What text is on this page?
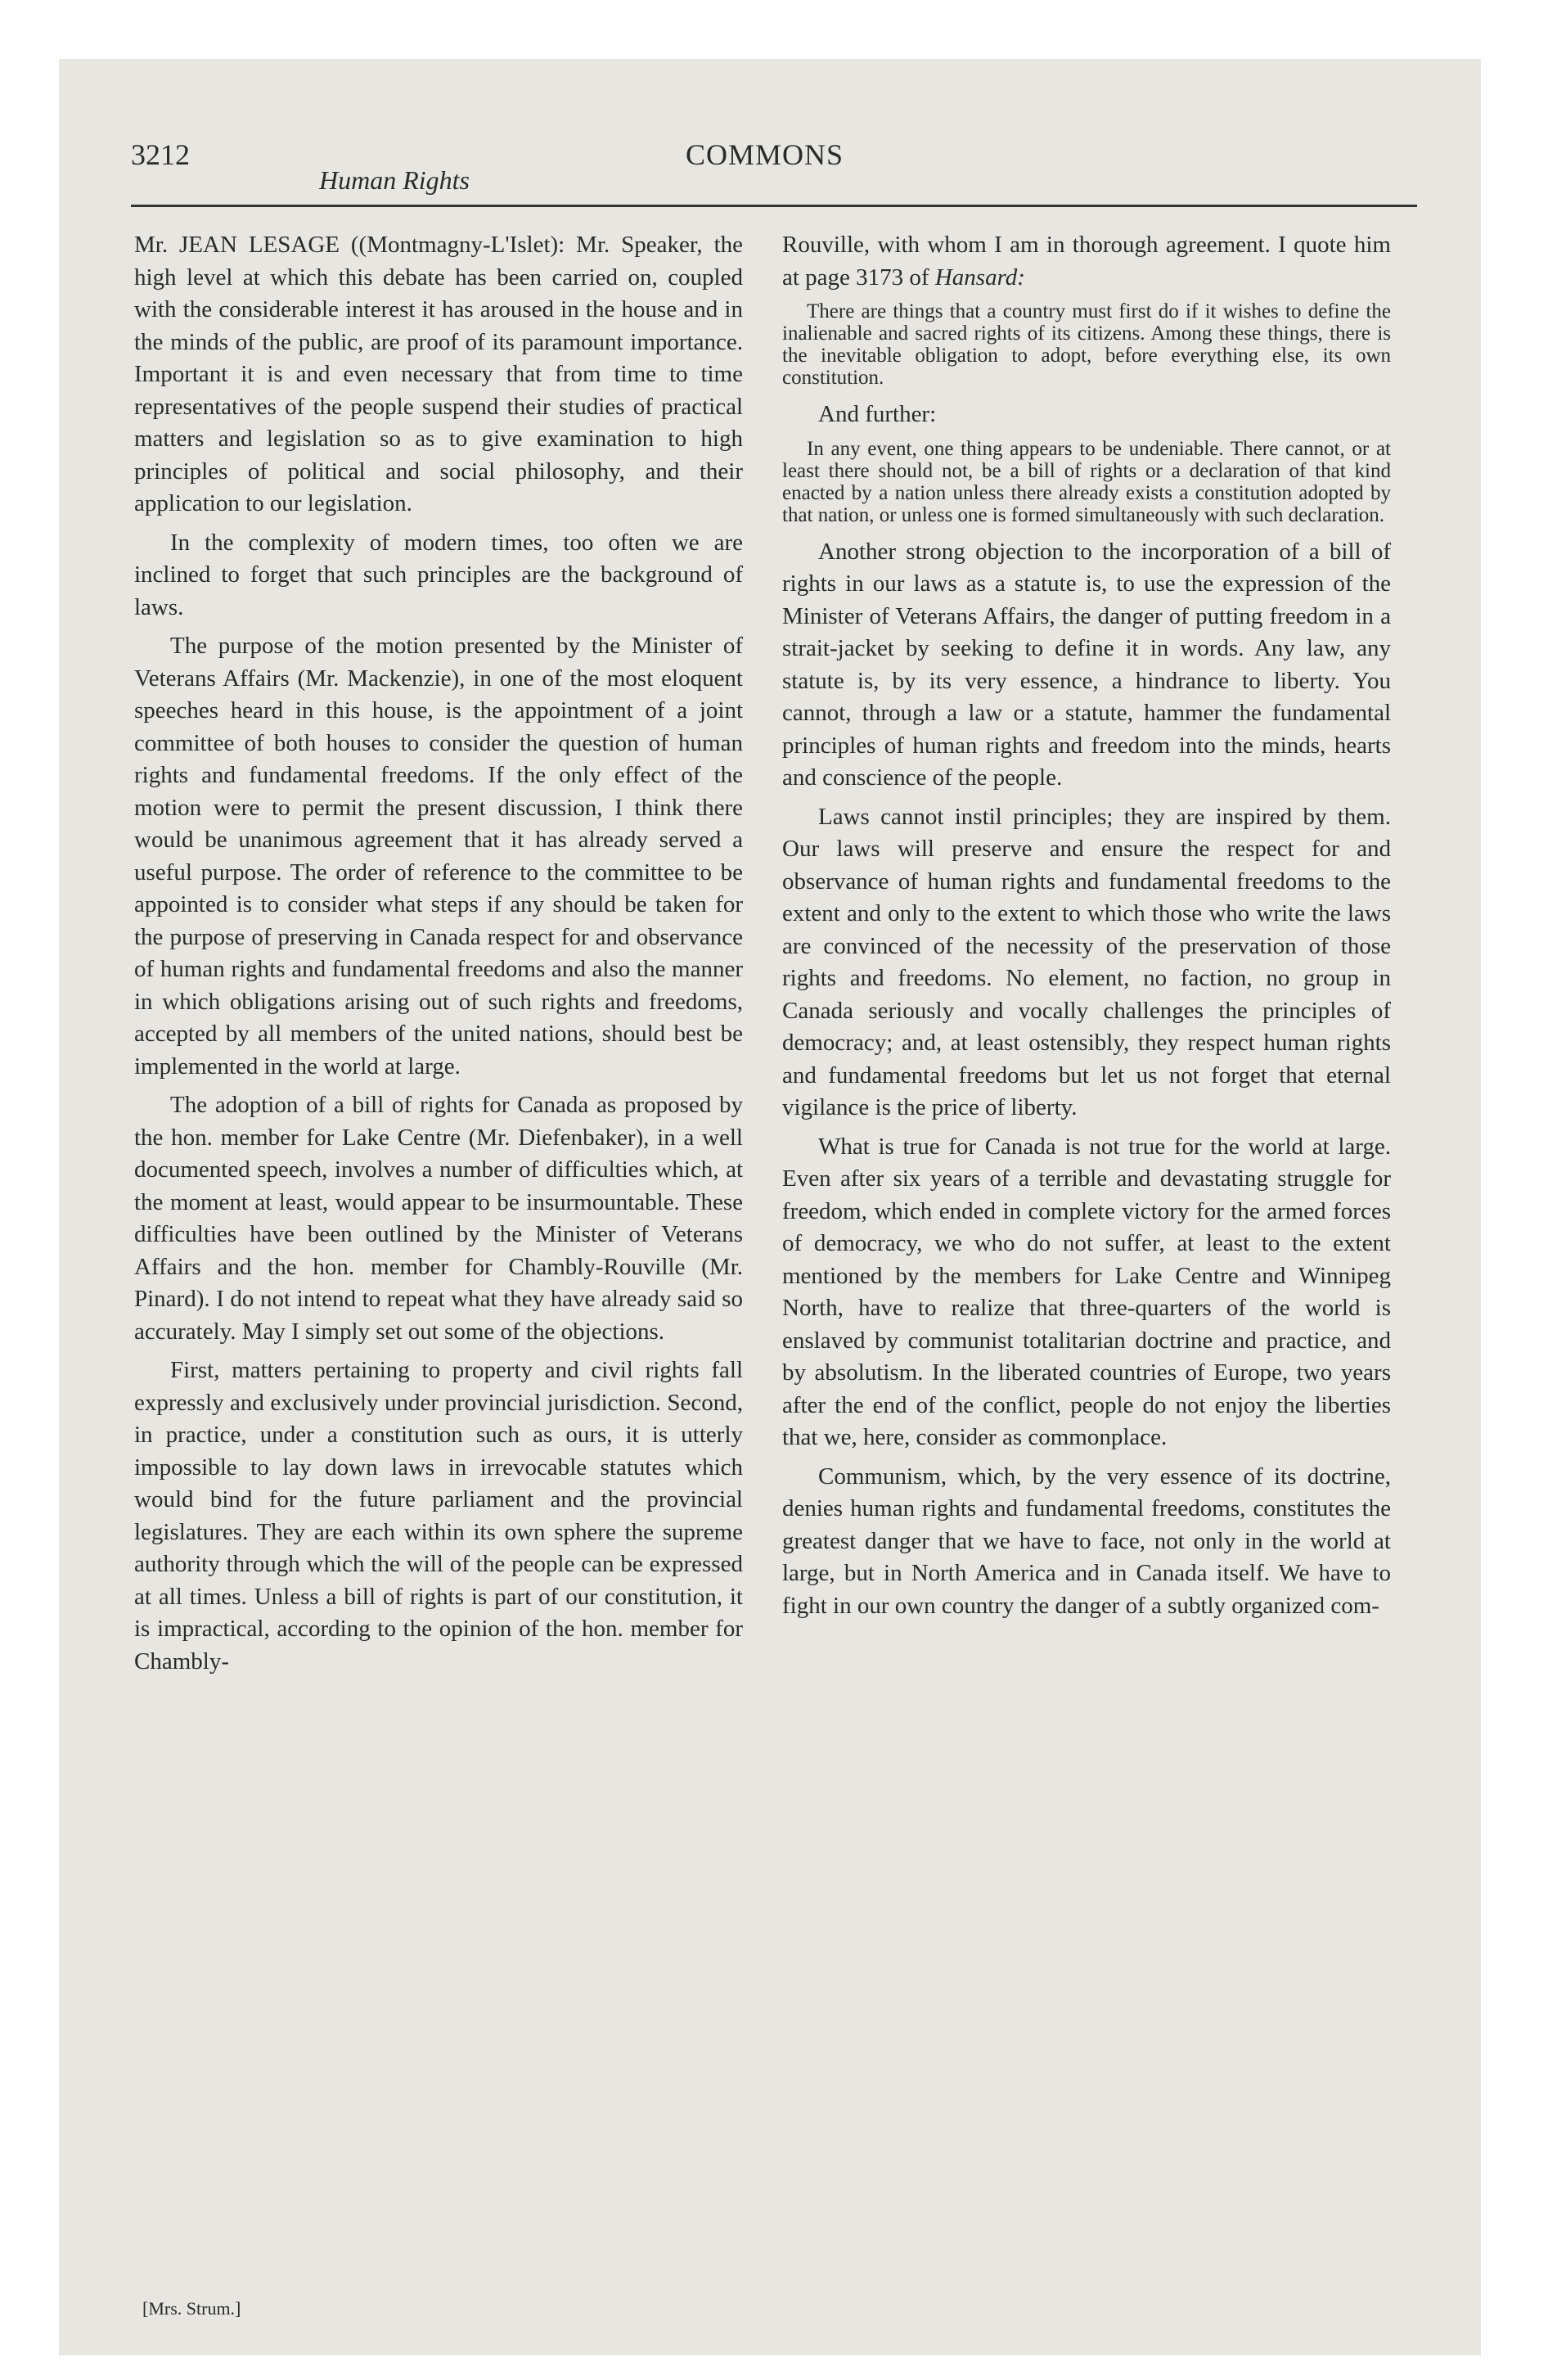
3212	COMMONS
Human Rights

Mr. JEAN LESAGE ((Montmagny-L'Islet): Mr. Speaker, the high level at which this debate has been carried on, coupled with the considerable interest it has aroused in the house and in the minds of the public, are proof of its paramount importance. Important it is and even necessary that from time to time representatives of the people suspend their studies of practical matters and legislation so as to give examination to high principles of political and social philosophy, and their application to our legislation.

In the complexity of modern times, too often we are inclined to forget that such principles are the background of laws.

The purpose of the motion presented by the Minister of Veterans Affairs (Mr. Mackenzie), in one of the most eloquent speeches heard in this house, is the appointment of a joint committee of both houses to consider the question of human rights and fundamental freedoms. If the only effect of the motion were to permit the present discussion, I think there would be unanimous agreement that it has already served a useful purpose. The order of reference to the committee to be appointed is to consider what steps if any should be taken for the purpose of preserving in Canada respect for and observance of human rights and fundamental freedoms and also the manner in which obligations arising out of such rights and freedoms, accepted by all members of the united nations, should best be implemented in the world at large.

The adoption of a bill of rights for Canada as proposed by the hon. member for Lake Centre (Mr. Diefenbaker), in a well documented speech, involves a number of difficulties which, at the moment at least, would appear to be insurmountable. These difficulties have been outlined by the Minister of Veterans Affairs and the hon. member for Chambly-Rouville (Mr. Pinard). I do not intend to repeat what they have already said so accurately. May I simply set out some of the objections.

First, matters pertaining to property and civil rights fall expressly and exclusively under provincial jurisdiction. Second, in practice, under a constitution such as ours, it is utterly impossible to lay down laws in irrevocable statutes which would bind for the future parliament and the provincial legislatures. They are each within its own sphere the supreme authority through which the will of the people can be expressed at all times. Unless a bill of rights is part of our constitution, it is impractical, according to the opinion of the hon. member for Chambly-

Rouville, with whom I am in thorough agreement. I quote him at page 3173 of Hansard:

There are things that a country must first do if it wishes to define the inalienable and sacred rights of its citizens. Among these things, there is the inevitable obligation to adopt, before everything else, its own constitution.

And further:

In any event, one thing appears to be undeniable. There cannot, or at least there should not, be a bill of rights or a declaration of that kind enacted by a nation unless there already exists a constitution adopted by that nation, or unless one is formed simultaneously with such declaration.

Another strong objection to the incorporation of a bill of rights in our laws as a statute is, to use the expression of the Minister of Veterans Affairs, the danger of putting freedom in a strait-jacket by seeking to define it in words. Any law, any statute is, by its very essence, a hindrance to liberty. You cannot, through a law or a statute, hammer the fundamental principles of human rights and freedom into the minds, hearts and conscience of the people.

Laws cannot instil principles; they are inspired by them. Our laws will preserve and ensure the respect for and observance of human rights and fundamental freedoms to the extent and only to the extent to which those who write the laws are convinced of the necessity of the preservation of those rights and freedoms. No element, no faction, no group in Canada seriously and vocally challenges the principles of democracy; and, at least ostensibly, they respect human rights and fundamental freedoms but let us not forget that eternal vigilance is the price of liberty.

What is true for Canada is not true for the world at large. Even after six years of a terrible and devastating struggle for freedom, which ended in complete victory for the armed forces of democracy, we who do not suffer, at least to the extent mentioned by the members for Lake Centre and Winnipeg North, have to realize that three-quarters of the world is enslaved by communist totalitarian doctrine and practice, and by absolutism. In the liberated countries of Europe, two years after the end of the conflict, people do not enjoy the liberties that we, here, consider as commonplace.

Communism, which, by the very essence of its doctrine, denies human rights and fundamental freedoms, constitutes the greatest danger that we have to face, not only in the world at large, but in North America and in Canada itself. We have to fight in our own country the danger of a subtly organized com-

[Mrs. Strum.]
